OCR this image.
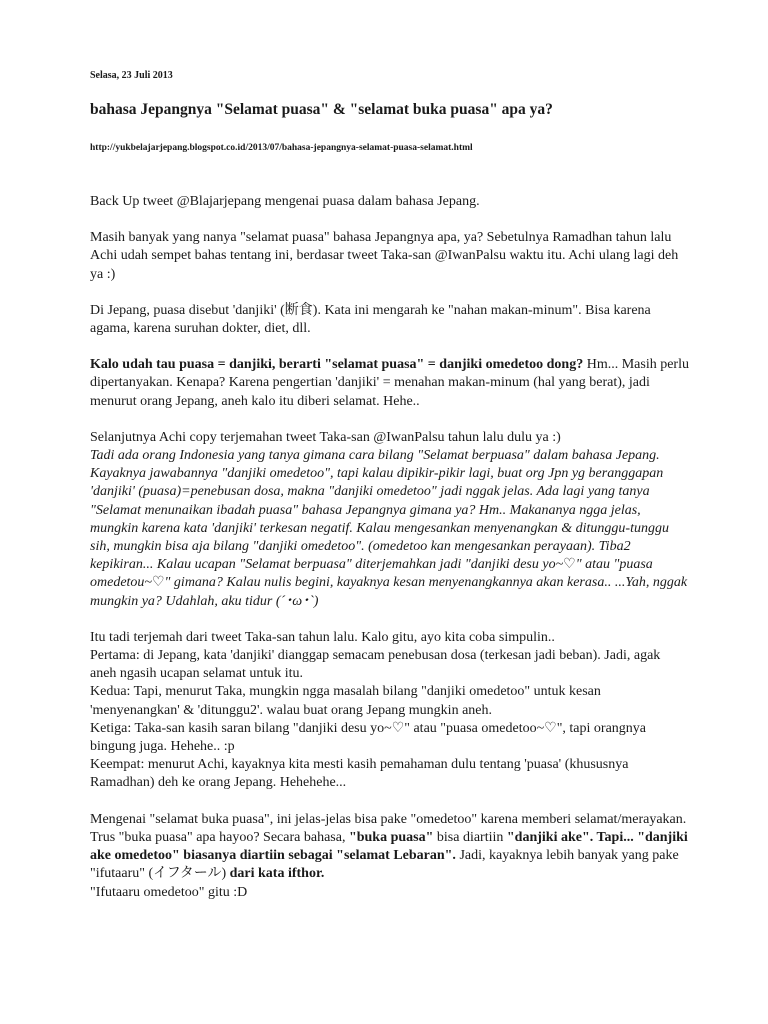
Selasa, 23 Juli 2013
bahasa Jepangnya "Selamat puasa" & "selamat buka puasa" apa ya?
http://yukbelajarjepang.blogspot.co.id/2013/07/bahasa-jepangnya-selamat-puasa-selamat.html

Back Up tweet @Blajarjepang mengenai puasa dalam bahasa Jepang.

Masih banyak yang nanya "selamat puasa" bahasa Jepangnya apa, ya? Sebetulnya Ramadhan tahun lalu Achi udah sempet bahas tentang ini, berdasar tweet Taka-san @IwanPalsu waktu itu. Achi ulang lagi deh ya :)

Di Jepang, puasa disebut 'danjiki' (断食). Kata ini mengarah ke "nahan makan-minum". Bisa karena agama, karena suruhan dokter, diet, dll.

Kalo udah tau puasa = danjiki, berarti "selamat puasa" = danjiki omedetoo dong? Hm... Masih perlu dipertanyakan. Kenapa? Karena pengertian 'danjiki' = menahan makan-minum (hal yang berat), jadi menurut orang Jepang, aneh kalo itu diberi selamat. Hehe..

Selanjutnya Achi copy terjemahan tweet Taka-san @IwanPalsu tahun lalu dulu ya :)
Tadi ada orang Indonesia yang tanya gimana cara bilang "Selamat berpuasa" dalam bahasa Jepang. Kayaknya jawabannya "danjiki omedetoo", tapi kalau dipikir-pikir lagi, buat org Jpn yg beranggapan 'danjiki' (puasa)=penebusan dosa, makna "danjiki omedetoo" jadi nggak jelas. Ada lagi yang tanya "Selamat menunaikan ibadah puasa" bahasa Jepangnya gimana ya? Hm.. Makananya ngga jelas, mungkin karena kata 'danjiki' terkesan negatif. Kalau mengesankan menyenangkan & ditunggu-tunggu sih, mungkin bisa aja bilang "danjiki omedetoo". (omedetoo kan mengesankan perayaan). Tiba2 kepikiran... Kalau ucapan "Selamat berpuasa" diterjemahkan jadi "danjiki desu yo~♡" atau "puasa omedetou~♡" gimana? Kalau nulis begini, kayaknya kesan menyenangkannya akan kerasa.. ...Yah, nggak mungkin ya? Udahlah, aku tidur (´･ω･`)

Itu tadi terjemah dari tweet Taka-san tahun lalu. Kalo gitu, ayo kita coba simpulin..
Pertama: di Jepang, kata 'danjiki' dianggap semacam penebusan dosa (terkesan jadi beban). Jadi, agak aneh ngasih ucapan selamat untuk itu.
Kedua: Tapi, menurut Taka, mungkin ngga masalah bilang "danjiki omedetoo" untuk kesan 'menyenangkan' & 'ditunggu2'. walau buat orang Jepang mungkin aneh.
Ketiga: Taka-san kasih saran bilang "danjiki desu yo~♡" atau "puasa omedetoo~♡", tapi orangnya bingung juga. Hehehe.. :p
Keempat: menurut Achi, kayaknya kita mesti kasih pemahaman dulu tentang 'puasa' (khususnya Ramadhan) deh ke orang Jepang. Hehehehe...

Mengenai "selamat buka puasa", ini jelas-jelas bisa pake "omedetoo" karena memberi selamat/merayakan. Trus "buka puasa" apa hayoo? Secara bahasa, "buka puasa" bisa diartiin "danjiki ake". Tapi... "danjiki ake omedetoo" biasanya diartiin sebagai "selamat Lebaran". Jadi, kayaknya lebih banyak yang pake "ifutaaru" (イフタール) dari kata ifthor.
"Ifutaaru omedetoo" gitu :D
